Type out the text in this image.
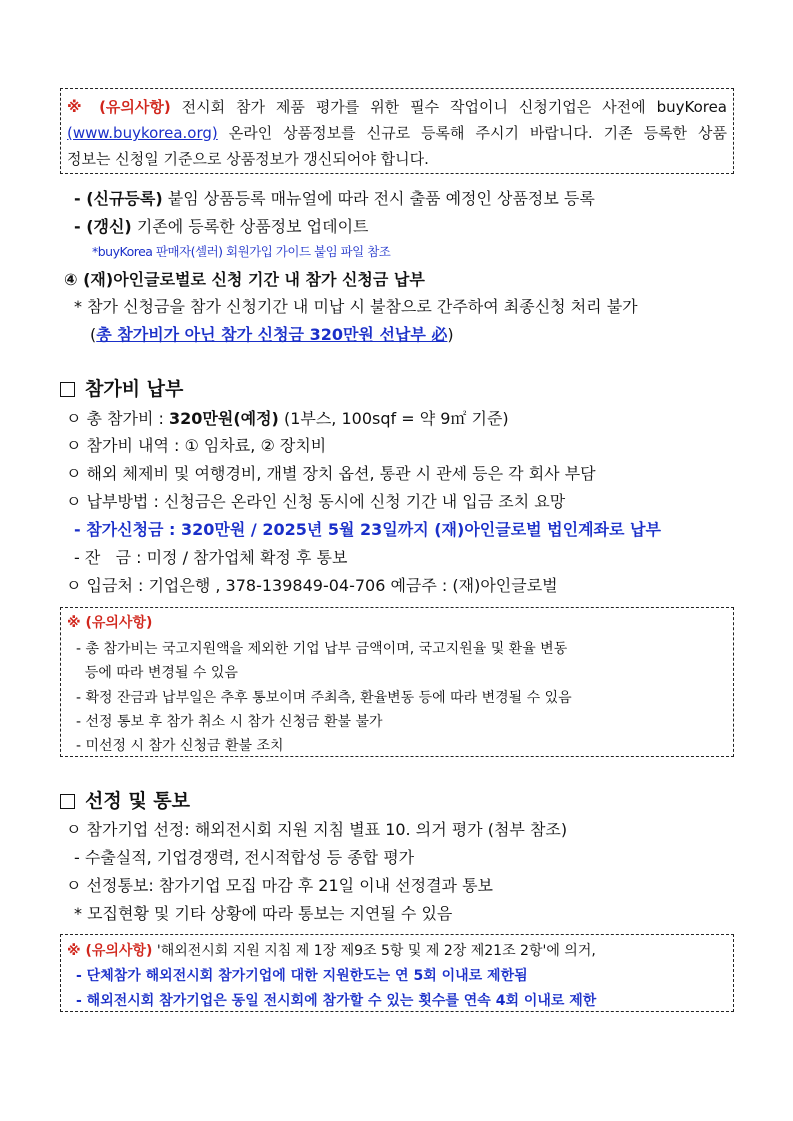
※ (유의사항) 전시회 참가 제품 평가를 위한 필수 작업이니 신청기업은 사전에 buyKorea
(www.buykorea.org) 온라인 상품정보를 신규로 등록해 주시기 바랍니다. 기존 등록한 상품
정보는 신청일 기준으로 상품정보가 갱신되어야 합니다.
- (신규등록) 붙임 상품등록 매뉴얼에 따라 전시 출품 예정인 상품정보 등록
- (갱신) 기존에 등록한 상품정보 업데이트
*buyKorea 판매자(셀러) 회원가입 가이드 붙임 파일 참조
④ (재)아인글로벌로 신청 기간 내 참가 신청금 납부
* 참가 신청금을 참가 신청기간 내 미납 시 불참으로 간주하여 최종신청 처리 불가
(총 참가비가 아닌 참가 신청금 320만원 선납부 必)
참가비 납부
ㅇ 총 참가비 : 320만원(예정) (1부스, 100sqf = 약 9㎡ 기준)
ㅇ 참가비 내역 : ① 임차료, ② 장치비
ㅇ 해외 체제비 및 여행경비, 개별 장치 옵션, 통관 시 관세 등은 각 회사 부담
ㅇ 납부방법 : 신청금은 온라인 신청 동시에 신청 기간 내 입금 조치 요망
- 참가신청금 : 320만원 / 2025년 5월 23일까지 (재)아인글로벌 법인계좌로 납부
- 잔   금 : 미정 / 참가업체 확정 후 통보
ㅇ 입금처 : 기업은행 , 378-139849-04-706 예금주 : (재)아인글로벌
※ (유의사항)
- 총 참가비는 국고지원액을 제외한 기업 납부 금액이며, 국고지원율 및 환율 변동
등에 따라 변경될 수 있음
- 확정 잔금과 납부일은 추후 통보이며 주최측, 환율변동 등에 따라 변경될 수 있음
- 선정 통보 후 참가 취소 시 참가 신청금 환불 불가
- 미선정 시 참가 신청금 환불 조치
선정 및 통보
ㅇ 참가기업 선정: 해외전시회 지원 지침 별표 10. 의거 평가 (첨부 참조)
- 수출실적, 기업경쟁력, 전시적합성 등 종합 평가
ㅇ 선정통보: 참가기업 모집 마감 후 21일 이내 선정결과 통보
* 모집현황 및 기타 상황에 따라 통보는 지연될 수 있음
※ (유의사항) '해외전시회 지원 지침 제 1장 제9조 5항 및 제 2장 제21조 2항'에 의거,
- 단체참가 해외전시회 참가기업에 대한 지원한도는 연 5회 이내로 제한됨
- 해외전시회 참가기업은 동일 전시회에 참가할 수 있는 횟수를 연속 4회 이내로 제한
